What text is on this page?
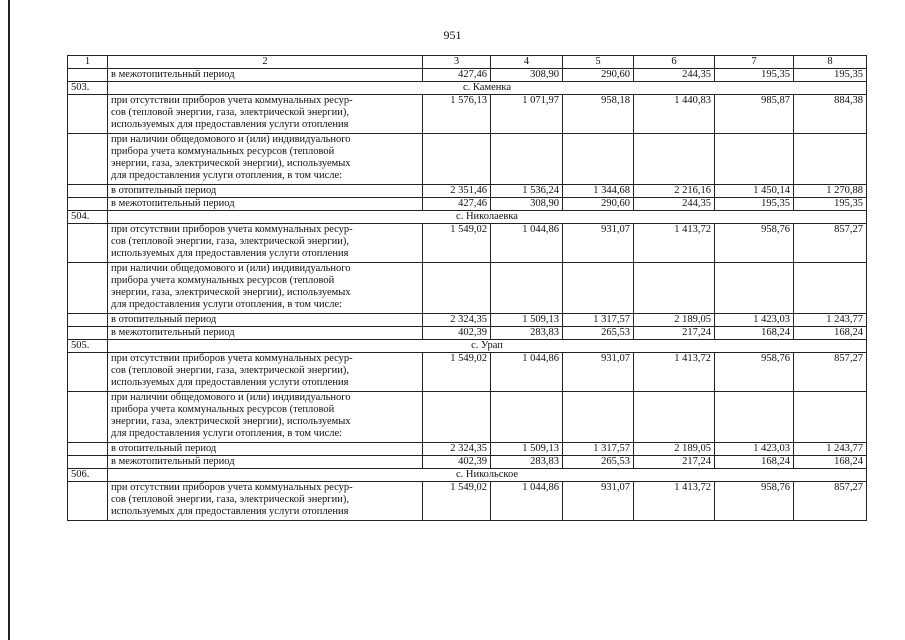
951
1	2	3	4	5	6	7	8
	в межотопительный период	427,46	308,90	290,60	244,35	195,35	195,35
503.	с. Каменка						
	при отсутствии приборов учета коммунальных ресур-
сов (тепловой энергии, газа, электрической энергии),
используемых для предоставления услуги отопления	1 576,13	1 071,97	958,18	1 440,83	985,87	884,38
	при наличии общедомового и (или) индивидуального
прибора учета коммунальных ресурсов (тепловой
энергии, газа, электрической энергии), используемых
для предоставления услуги отопления, в том числе:						
	в отопительный период	2 351,46	1 536,24	1 344,68	2 216,16	1 450,14	1 270,88
	в межотопительный период	427,46	308,90	290,60	244,35	195,35	195,35
504.	с. Николаевка						
	при отсутствии приборов учета коммунальных ресур-
сов (тепловой энергии, газа, электрической энергии),
используемых для предоставления услуги отопления	1 549,02	1 044,86	931,07	1 413,72	958,76	857,27
	при наличии общедомового и (или) индивидуального
прибора учета коммунальных ресурсов (тепловой
энергии, газа, электрической энергии), используемых
для предоставления услуги отопления, в том числе:						
	в отопительный период	2 324,35	1 509,13	1 317,57	2 189,05	1 423,03	1 243,77
	в межотопительный период	402,39	283,83	265,53	217,24	168,24	168,24
505.	с. Урап						
	при отсутствии приборов учета коммунальных ресур-
сов (тепловой энергии, газа, электрической энергии),
используемых для предоставления услуги отопления	1 549,02	1 044,86	931,07	1 413,72	958,76	857,27
	при наличии общедомового и (или) индивидуального
прибора учета коммунальных ресурсов (тепловой
энергии, газа, электрической энергии), используемых
для предоставления услуги отопления, в том числе:						
	в отопительный период	2 324,35	1 509,13	1 317,57	2 189,05	1 423,03	1 243,77
	в межотопительный период	402,39	283,83	265,53	217,24	168,24	168,24
506.	с. Никольское						
	при отсутствии приборов учета коммунальных ресур-
сов (тепловой энергии, газа, электрической энергии),
используемых для предоставления услуги отопления	1 549,02	1 044,86	931,07	1 413,72	958,76	857,27
